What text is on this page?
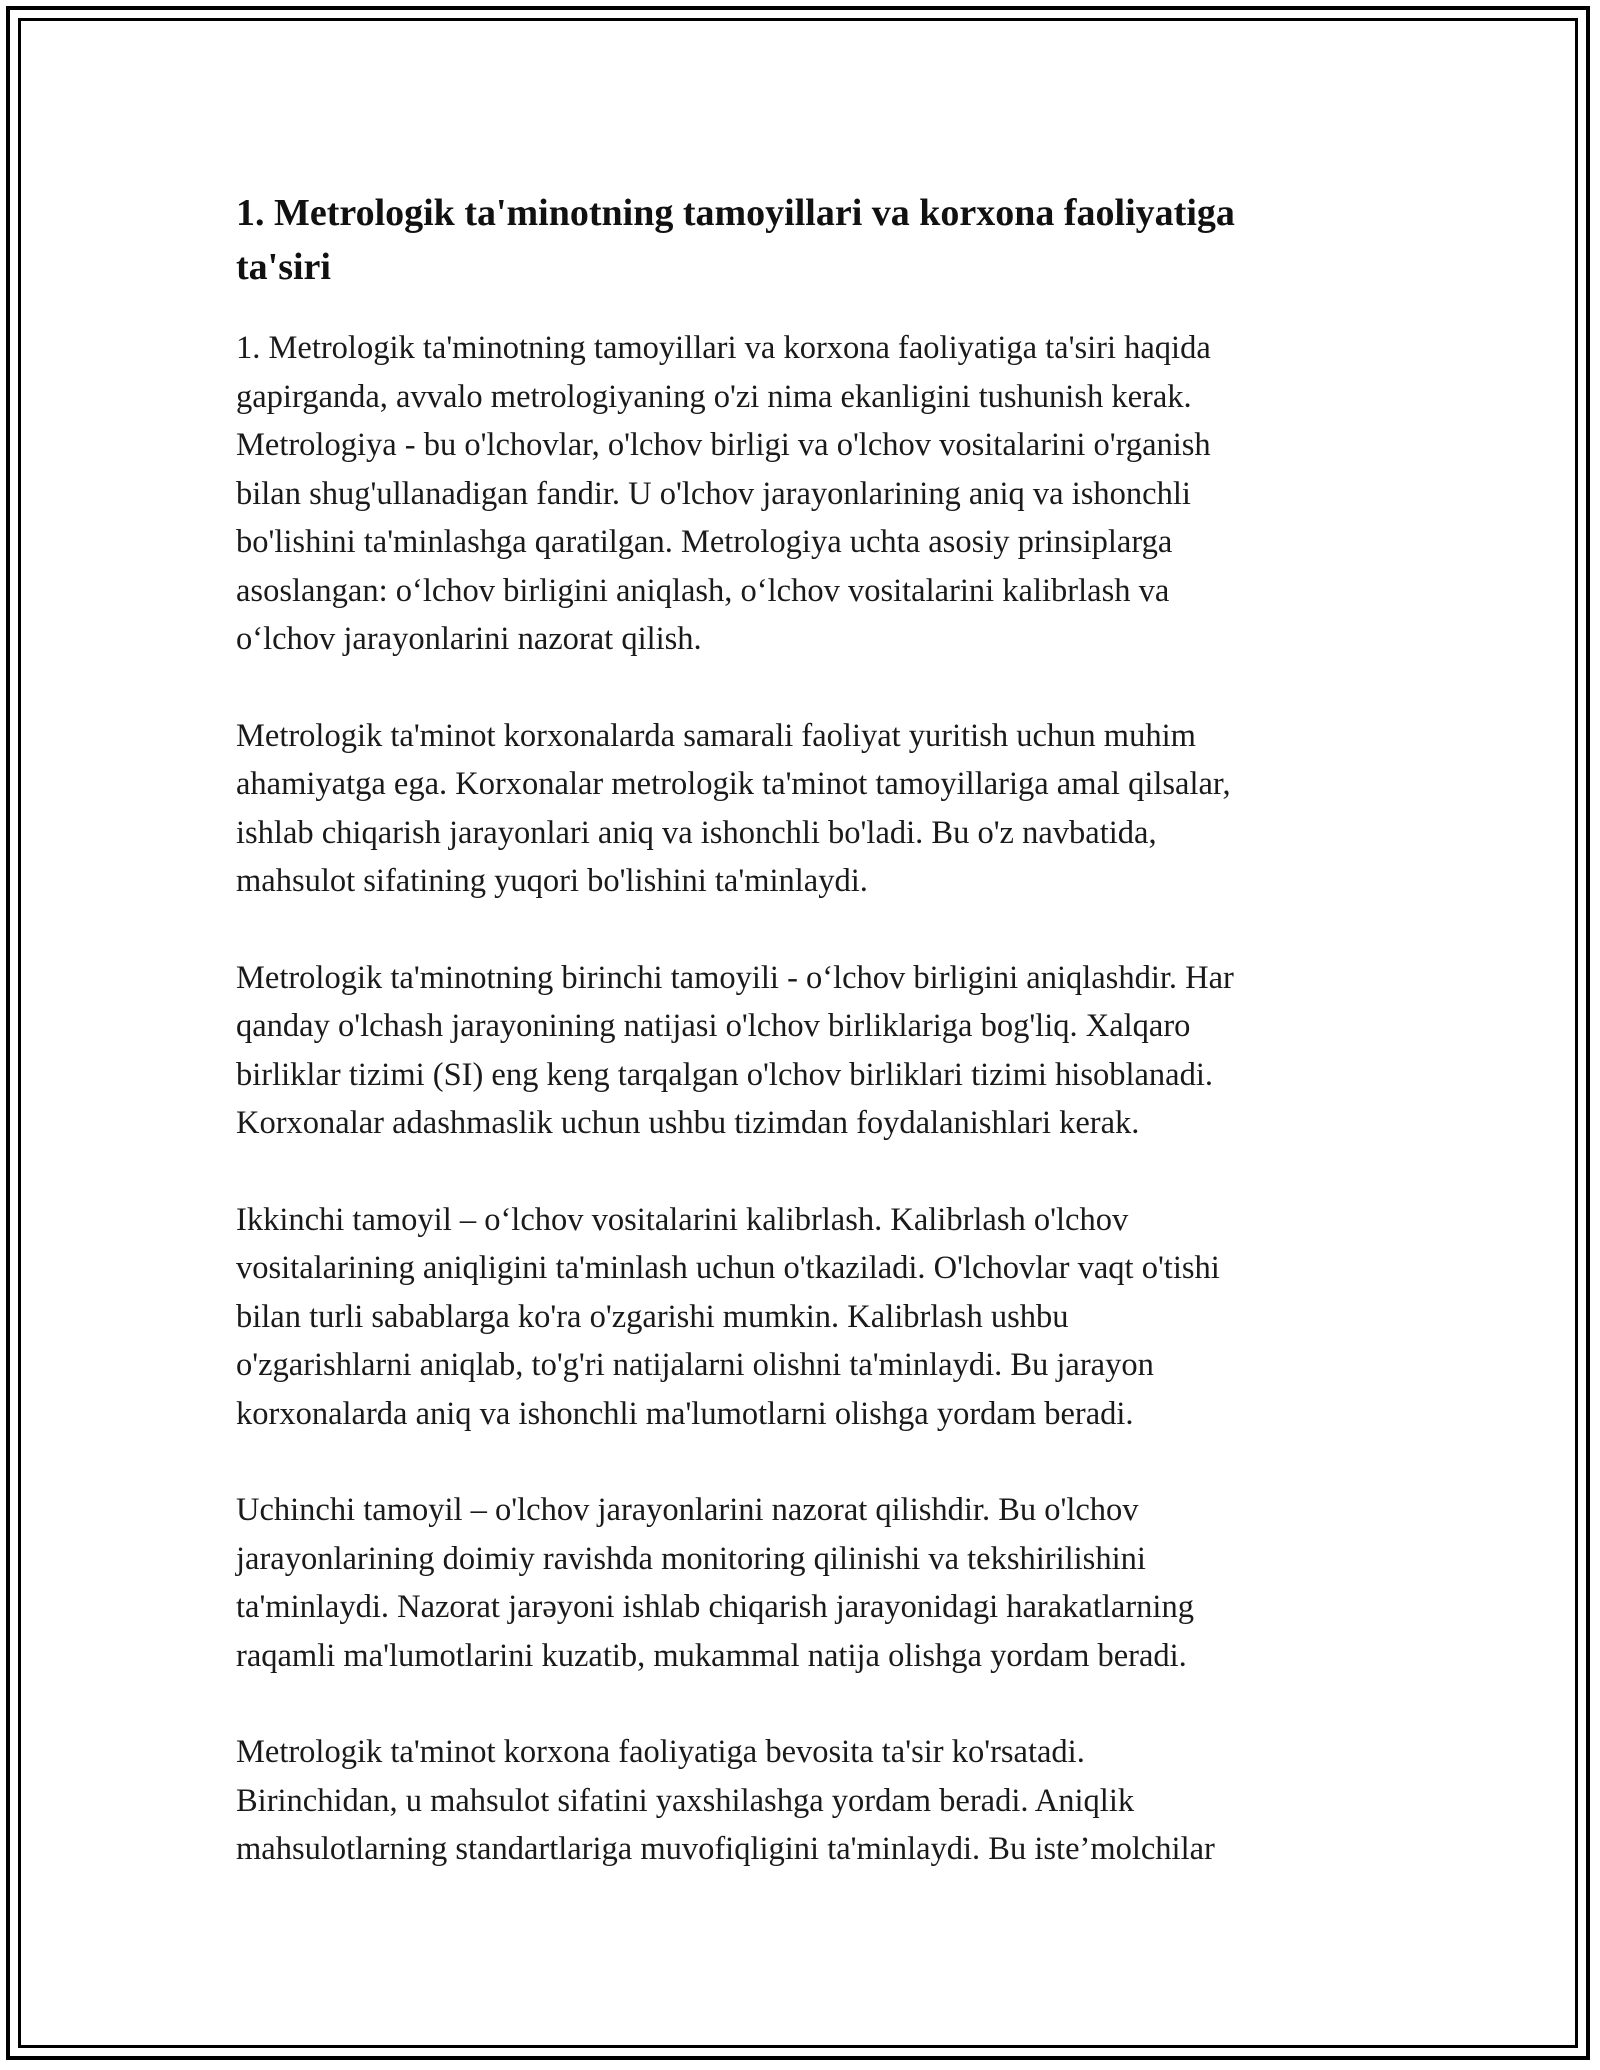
1. Metrologik ta'minotning tamoyillari va korxona faoliyatiga
ta'siri

1. Metrologik ta'minotning tamoyillari va korxona faoliyatiga ta'siri haqida
gapirganda, avvalo metrologiyaning o'zi nima ekanligini tushunish kerak.
Metrologiya - bu o'lchovlar, o'lchov birligi va o'lchov vositalarini o'rganish
bilan shug'ullanadigan fandir. U o'lchov jarayonlarining aniq va ishonchli
bo'lishini ta'minlashga qaratilgan. Metrologiya uchta asosiy prinsiplarga
asoslangan: oʻlchov birligini aniqlash, oʻlchov vositalarini kalibrlash va
oʻlchov jarayonlarini nazorat qilish.

Metrologik ta'minot korxonalarda samarali faoliyat yuritish uchun muhim
ahamiyatga ega. Korxonalar metrologik ta'minot tamoyillariga amal qilsalar,
ishlab chiqarish jarayonlari aniq va ishonchli bo'ladi. Bu o'z navbatida,
mahsulot sifatining yuqori bo'lishini ta'minlaydi.

Metrologik ta'minotning birinchi tamoyili - oʻlchov birligini aniqlashdir. Har
qanday o'lchash jarayonining natijasi o'lchov birliklariga bog'liq. Xalqaro
birliklar tizimi (SI) eng keng tarqalgan o'lchov birliklari tizimi hisoblanadi.
Korxonalar adashmaslik uchun ushbu tizimdan foydalanishlari kerak.

Ikkinchi tamoyil – oʻlchov vositalarini kalibrlash. Kalibrlash o'lchov
vositalarining aniqligini ta'minlash uchun o'tkaziladi. O'lchovlar vaqt o'tishi
bilan turli sabablarga ko'ra o'zgarishi mumkin. Kalibrlash ushbu
o'zgarishlarni aniqlab, to'g'ri natijalarni olishni ta'minlaydi. Bu jarayon
korxonalarda aniq va ishonchli ma'lumotlarni olishga yordam beradi.

Uchinchi tamoyil – o'lchov jarayonlarini nazorat qilishdir. Bu o'lchov
jarayonlarining doimiy ravishda monitoring qilinishi va tekshirilishini
ta'minlaydi. Nazorat jarəyoni ishlab chiqarish jarayonidagi harakatlarning
raqamli ma'lumotlarini kuzatib, mukammal natija olishga yordam beradi.

Metrologik ta'minot korxona faoliyatiga bevosita ta'sir ko'rsatadi.
Birinchidan, u mahsulot sifatini yaxshilashga yordam beradi. Aniqlik
mahsulotlarning standartlariga muvofiqligini ta'minlaydi. Bu iste’molchilar
